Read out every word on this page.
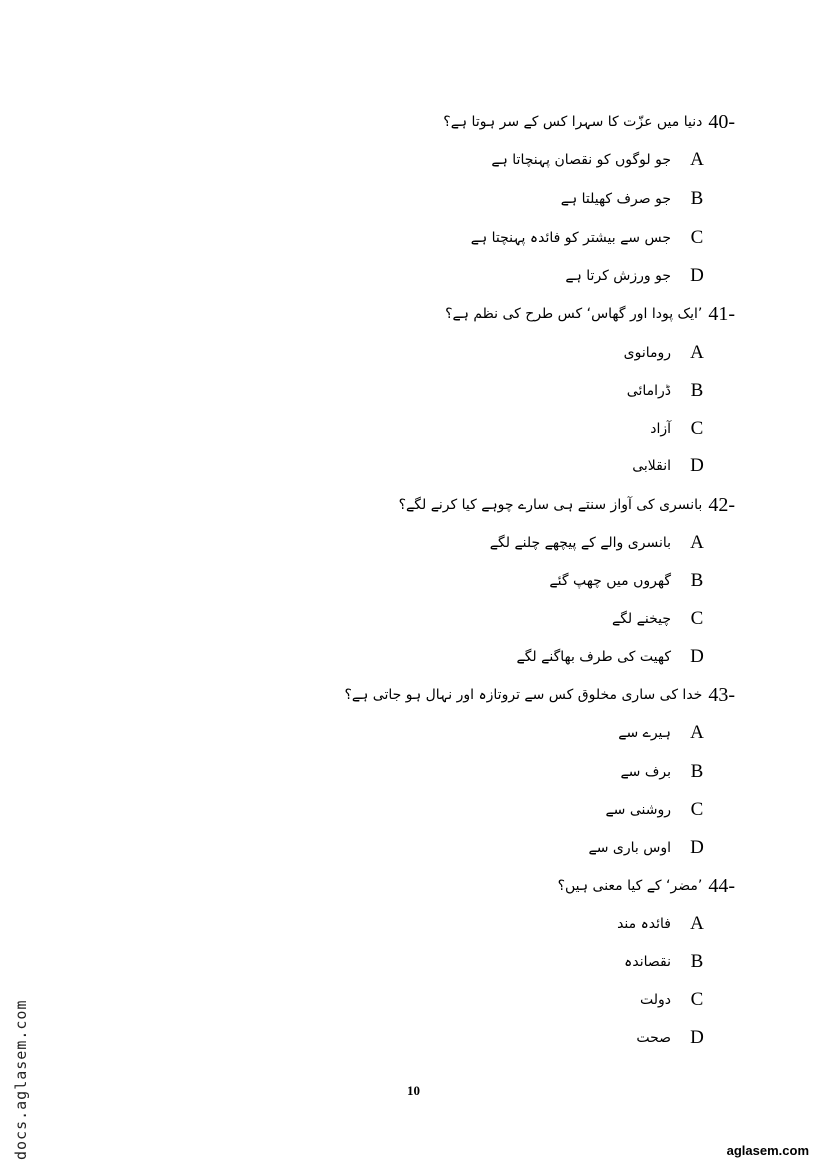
دنیا میں عزّت کا سہرا کس کے سر ہوتا ہے؟ 40-
A
جو لوگوں کو نقصان پہنچاتا ہے
B
جو صرف کھیلتا ہے
C
جس سے بیشتر کو فائدہ پہنچتا ہے
D
جو ورزش کرتا ہے
’ایک پودا اور گھاس‘ کس طرح کی نظم ہے؟ 41-
A
رومانوی
B
ڈرامائی
C
آزاد
D
انقلابی
بانسری کی آواز سنتے ہی سارے چوہے کیا کرنے لگے؟ 42-
A
بانسری والے کے پیچھے چلنے لگے
B
گھروں میں چھپ گئے
C
چیخنے لگے
D
کھیت کی طرف بھاگنے لگے
خدا کی ساری مخلوق کس سے تروتازہ اور نہال ہو جاتی ہے؟ 43-
A
ہیرے سے
B
برف سے
C
روشنی سے
D
اوس باری سے
’مضر‘ کے کیا معنی ہیں؟ 44-
A
فائدہ مند
B
نقصاندہ
C
دولت
D
صحت
10
docs.aglasem.com	aglasem.com
